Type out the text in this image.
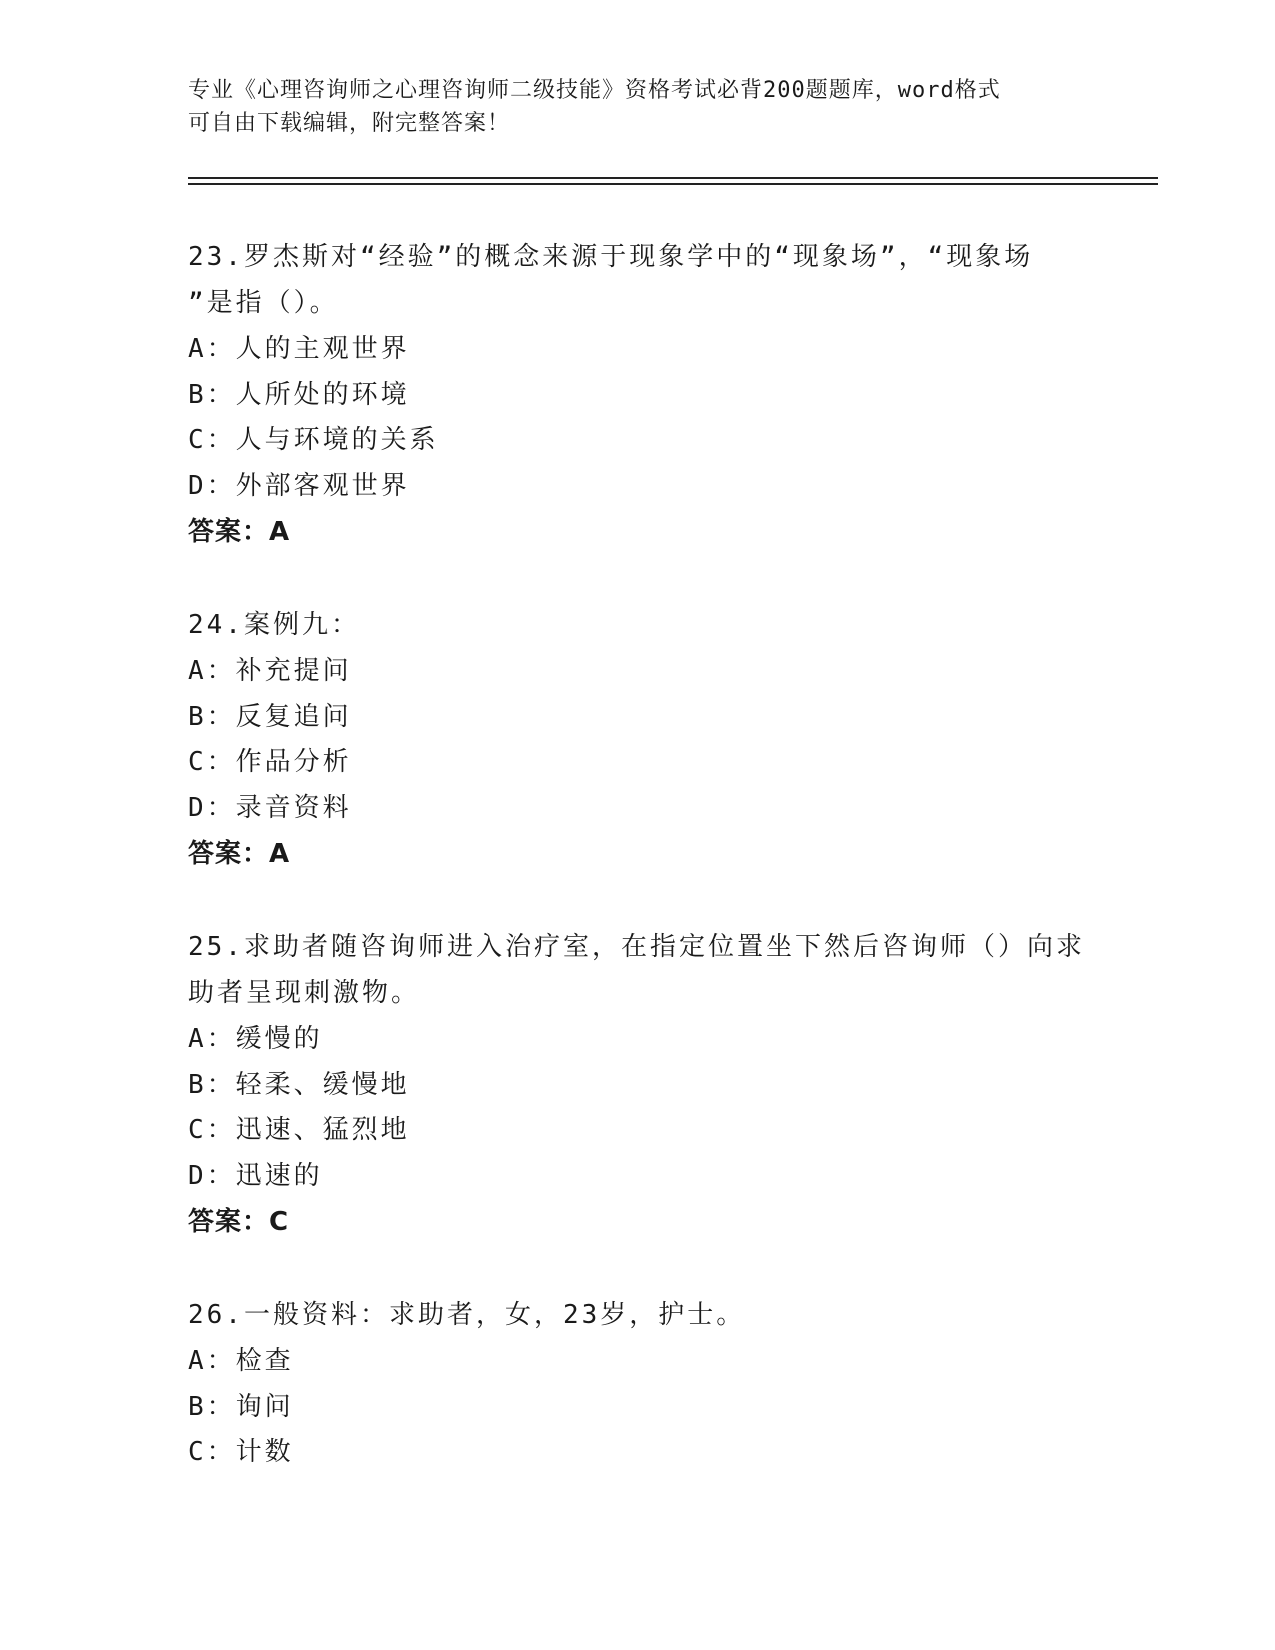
专业《心理咨询师之心理咨询师二级技能》资格考试必背200题题库，word格式
可自由下载编辑，附完整答案！

23.罗杰斯对“经验”的概念来源于现象学中的“现象场”，“现象场
”是指（）。

A：人的主观世界

B：人所处的环境

C：人与环境的关系

D：外部客观世界

答案：A

24.案例九：

A：补充提问

B：反复追问

C：作品分析

D：录音资料

答案：A

25.求助者随咨询师进入治疗室，在指定位置坐下然后咨询师（）向求
助者呈现刺激物。

A：缓慢的

B：轻柔、缓慢地

C：迅速、猛烈地

D：迅速的

答案：C

26.一般资料：求助者，女，23岁，护士。

A：检查

B：询问

C：计数
